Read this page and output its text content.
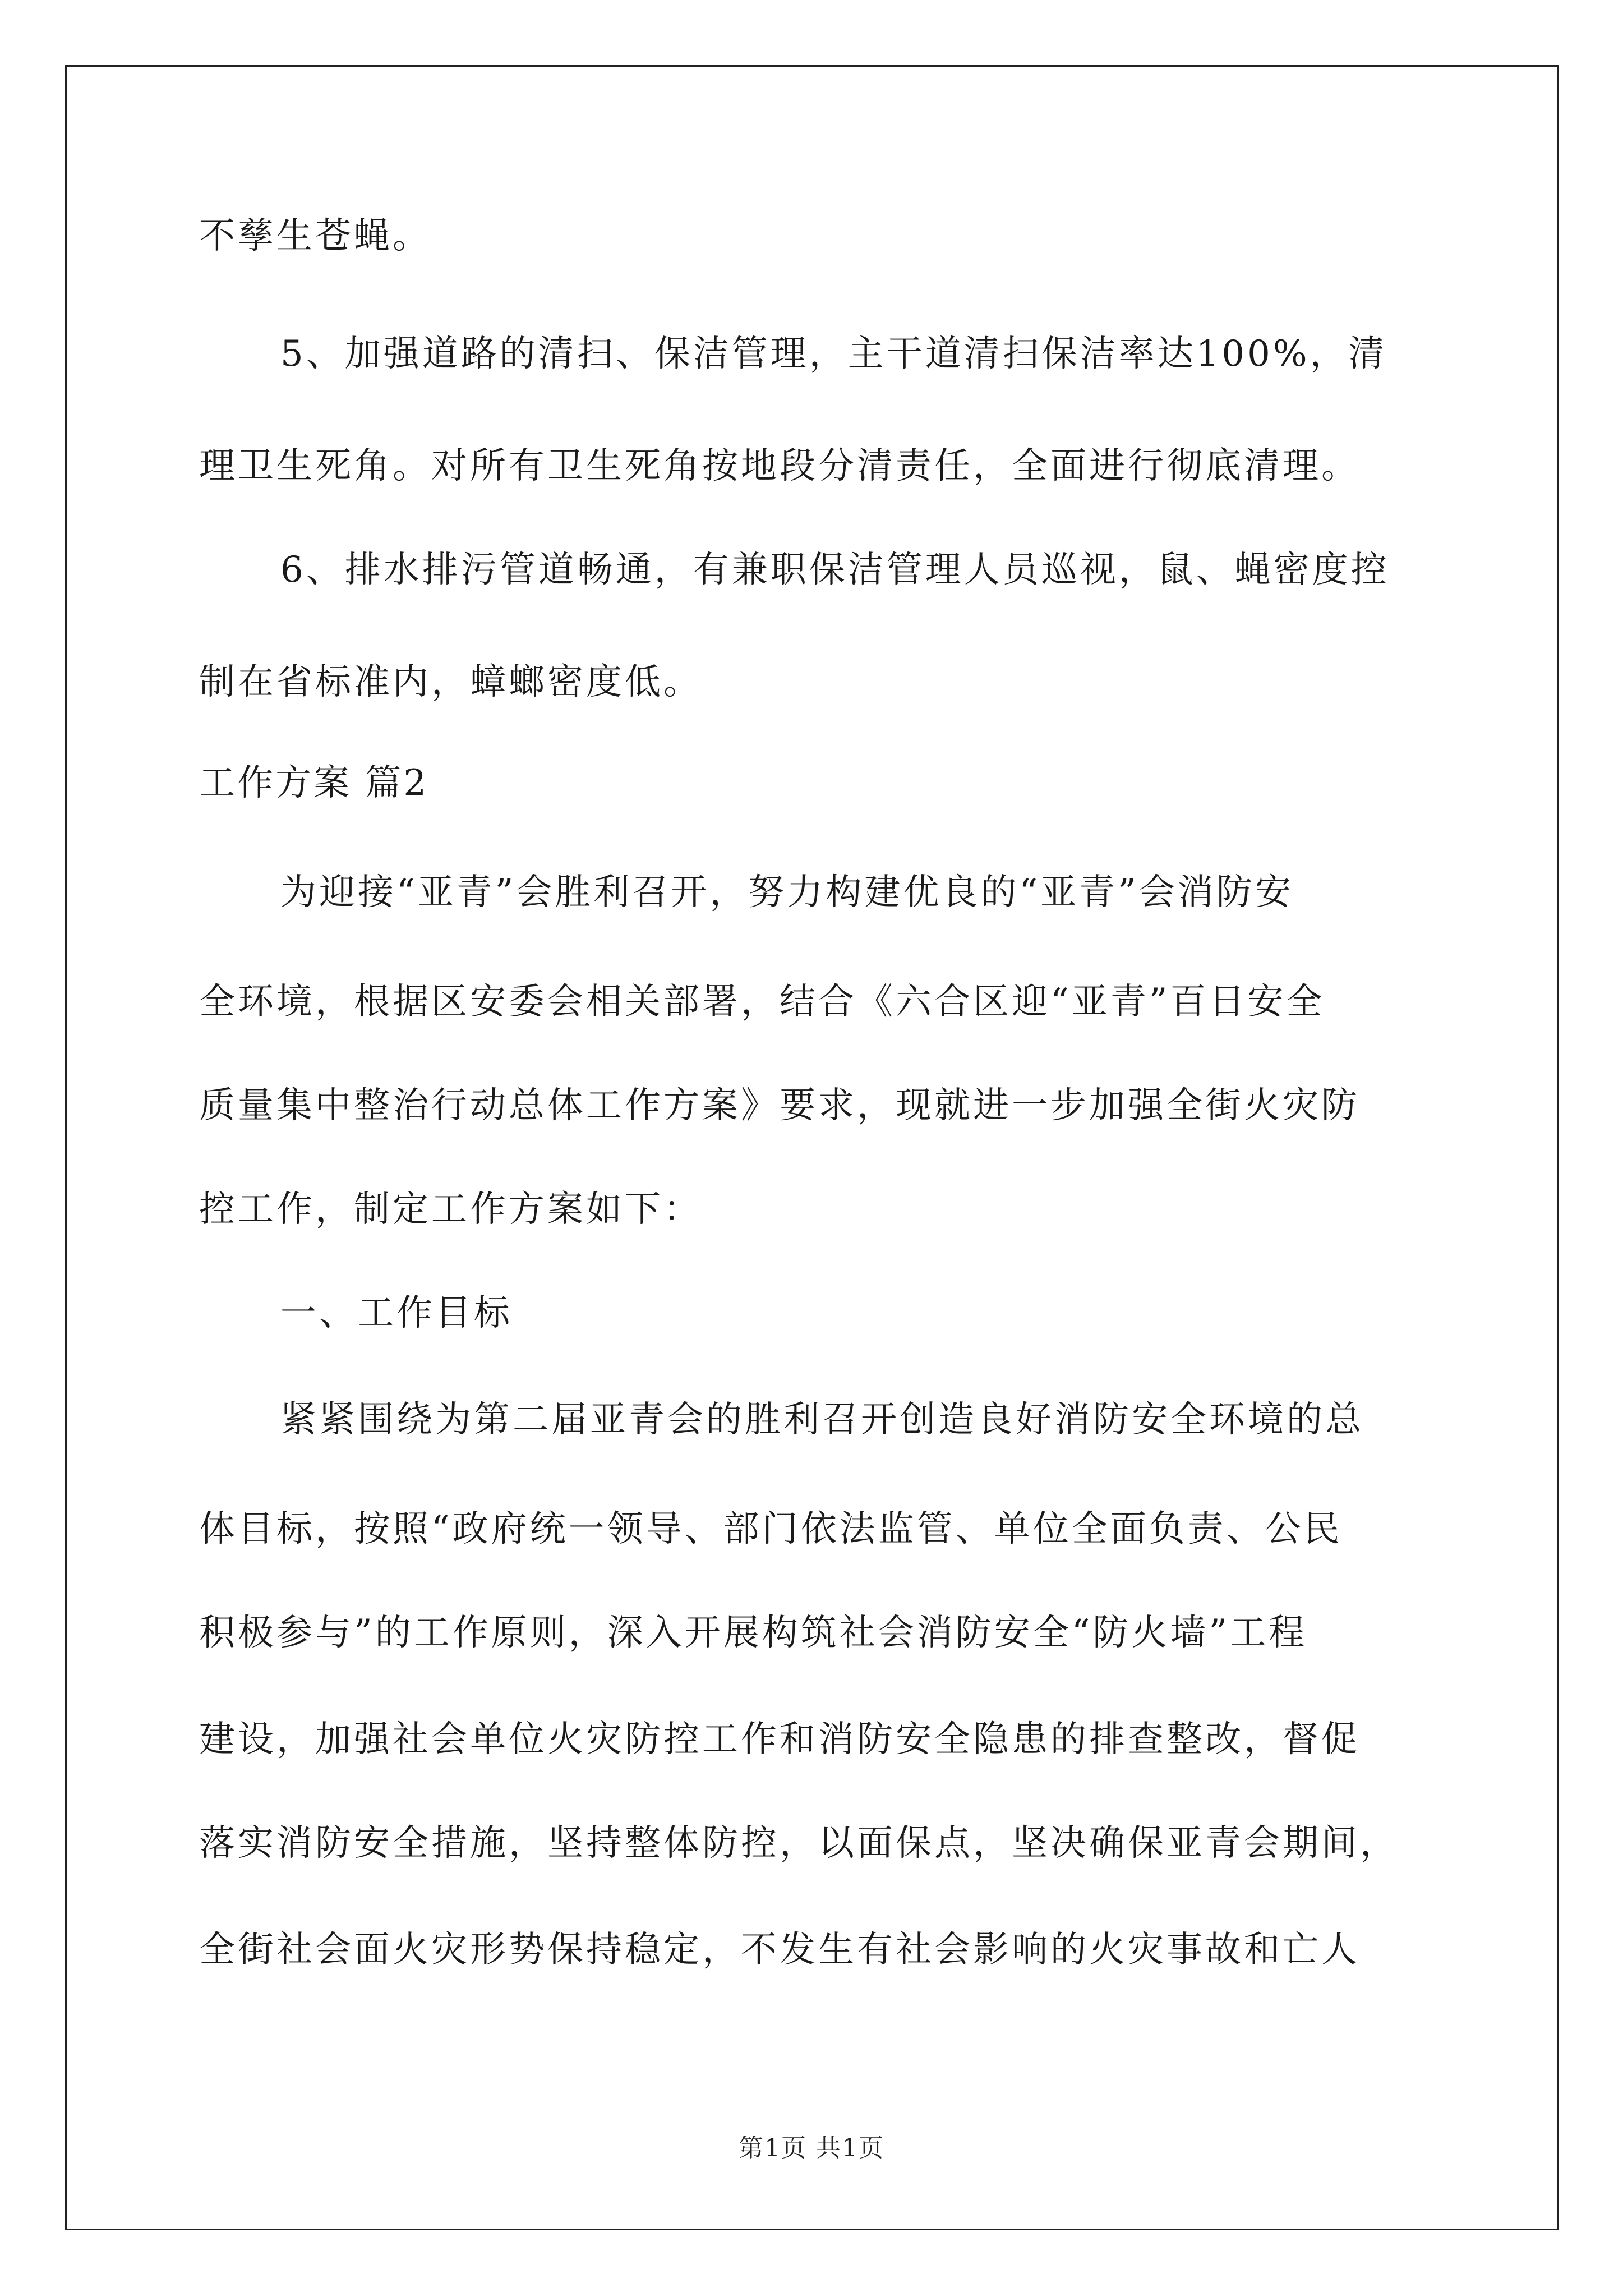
不孳生苍蝇。
5、加强道路的清扫、保洁管理，主干道清扫保洁率达100%，清
理卫生死角。对所有卫生死角按地段分清责任，全面进行彻底清理。
6、排水排污管道畅通，有兼职保洁管理人员巡视，鼠、蝇密度控
制在省标准内，蟑螂密度低。
工作方案 篇2
为迎接“亚青”会胜利召开，努力构建优良的“亚青”会消防安
全环境，根据区安委会相关部署，结合《六合区迎“亚青”百日安全
质量集中整治行动总体工作方案》要求，现就进一步加强全街火灾防
控工作，制定工作方案如下：
一、工作目标
紧紧围绕为第二届亚青会的胜利召开创造良好消防安全环境的总
体目标，按照“政府统一领导、部门依法监管、单位全面负责、公民
积极参与”的工作原则，深入开展构筑社会消防安全“防火墙”工程
建设，加强社会单位火灾防控工作和消防安全隐患的排查整改，督促
落实消防安全措施，坚持整体防控，以面保点，坚决确保亚青会期间，
全街社会面火灾形势保持稳定，不发生有社会影响的火灾事故和亡人
第1页 共1页
